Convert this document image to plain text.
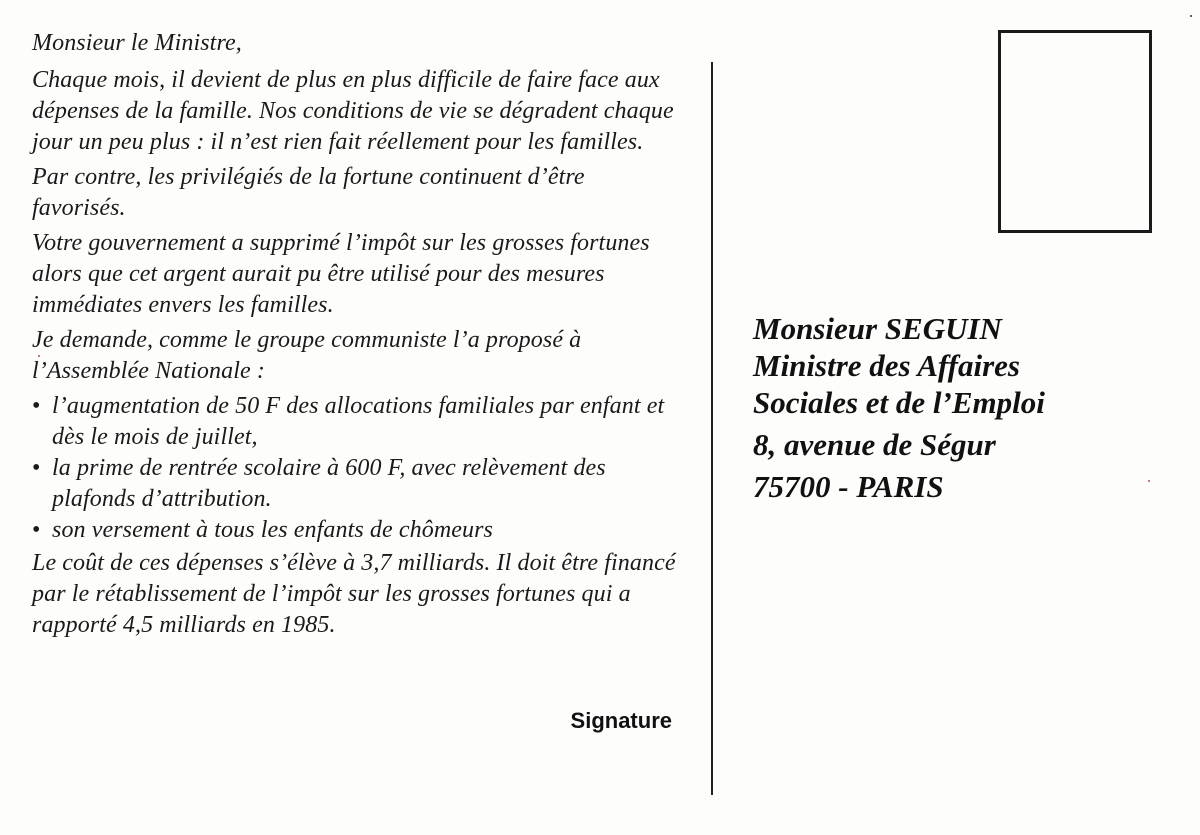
Monsieur le Ministre,

Chaque mois, il devient de plus en plus difficile de faire face aux dépenses de la famille. Nos conditions de vie se dégradent chaque jour un peu plus : il n’est rien fait réellement pour les familles.

Par contre, les privilégiés de la fortune continuent d’être favorisés.

Votre gouvernement a supprimé l’impôt sur les grosses fortunes alors que cet argent aurait pu être utilisé pour des mesures immédiates envers les familles.

Je demande, comme le groupe communiste l’a proposé à l’Assemblée Nationale :

• l’augmentation de 50 F des allocations familiales par enfant et dès le mois de juillet,
• la prime de rentrée scolaire à 600 F, avec relèvement des plafonds d’attribution.
• son versement à tous les enfants de chômeurs

Le coût de ces dépenses s’élève à 3,7 milliards. Il doit être financé par le rétablissement de l’impôt sur les grosses fortunes qui a rapporté 4,5 milliards en 1985.

Signature
Monsieur SEGUIN
Ministre des Affaires
Sociales et de l’Emploi
8, avenue de Ségur
75700 - PARIS
